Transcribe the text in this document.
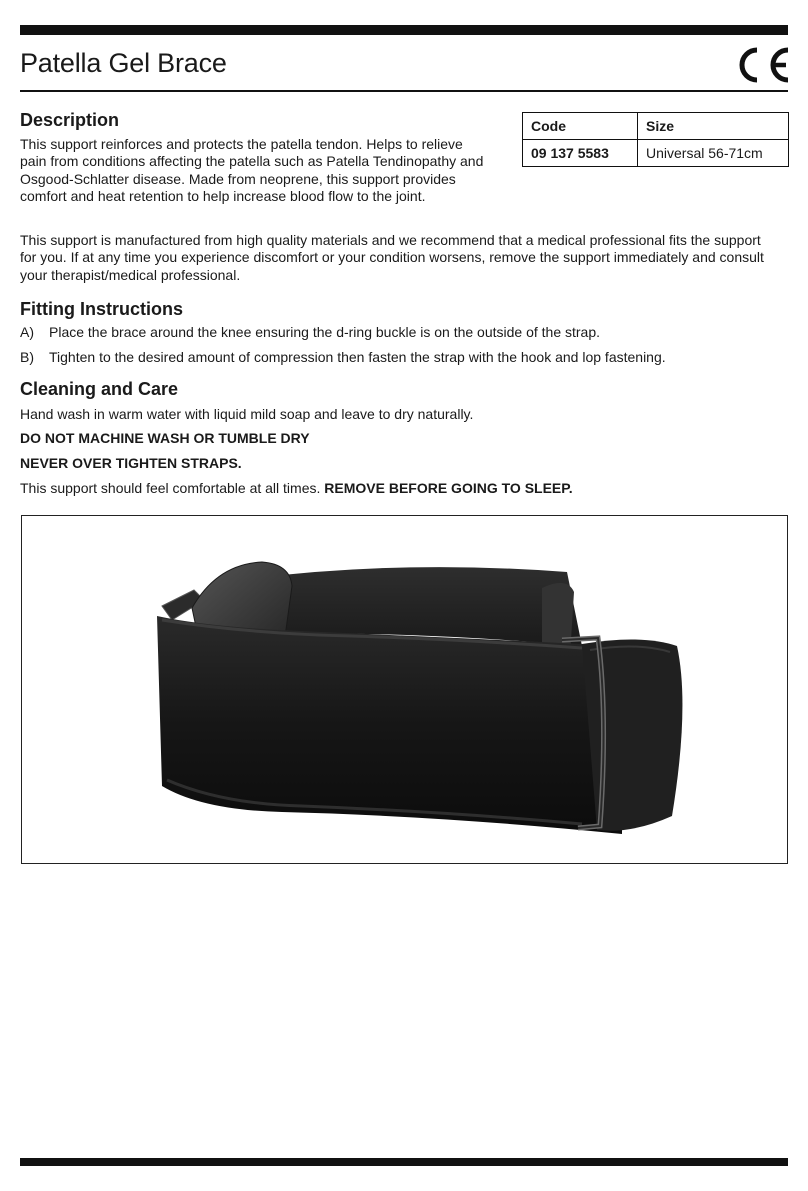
Patella Gel Brace
Description

This support reinforces and protects the patella tendon. Helps to relieve pain from conditions affecting the patella such as Patella Tendinopathy and Osgood-Schlatter disease. Made from neoprene, this support provides comfort and heat retention to help increase blood flow to the joint.

Code	Size
09 137 5583	Universal 56-71cm

This support is manufactured from high quality materials and we recommend that a medical professional fits the support for you. If at any time you experience discomfort or your condition worsens, remove the support immediately and consult your therapist/medical professional.

Fitting Instructions
A) Place the brace around the knee ensuring the d-ring buckle is on the outside of the strap.
B) Tighten to the desired amount of compression then fasten the strap with the hook and lop fastening.
Cleaning and Care
Hand wash in warm water with liquid mild soap and leave to dry naturally.
DO NOT MACHINE WASH OR TUMBLE DRY
NEVER OVER TIGHTEN STRAPS.
This support should feel comfortable at all times. REMOVE BEFORE GOING TO SLEEP.
